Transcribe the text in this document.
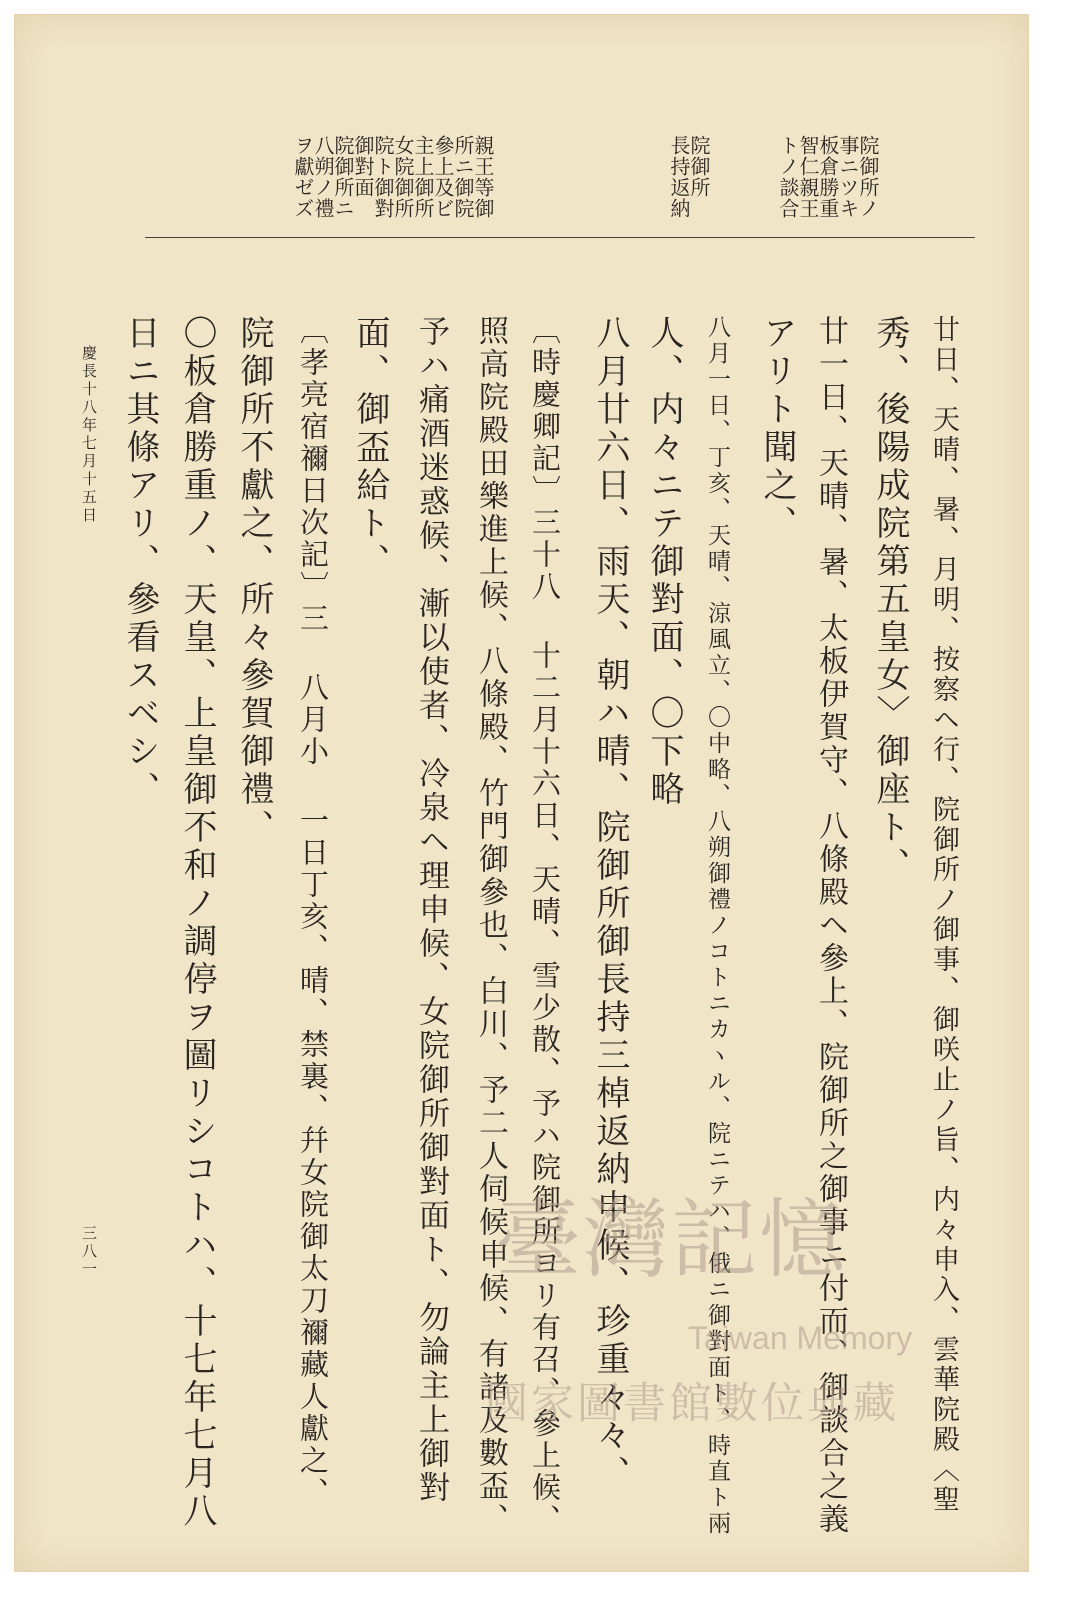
院御所ノ
事ニツキ
板倉勝重
智仁親王
トノ談合
院御所
長持返納
親王等御
所ニ御院
參上及ビ
主上御所
女院御所
院ト御對
御對面
院御所ニ
八朔ノ禮
ヲ獻ゼズ
廿日、天晴、暑、月明、按察ヘ行、院御所ノ御事、御咲止ノ旨、内々申入、雲華院殿〈聖
秀、後陽成院第五皇女〉御座ト、
廿一日、天晴、暑、太板伊賀守、八條殿ヘ參上、院御所之御事ニ付而、御談合之義
アリト聞之、
八月一日、丁亥、天晴、涼風立、〇中略、八朔御禮ノコトニカヽル、院ニテハ、俄ニ御對面ト、時直ト兩
人、内々ニテ御對面、〇下略
八月廿六日、雨天、朝ハ晴、院御所御長持三棹返納申候、珍重々々、
〔時慶卿記〕三十八 十二月十六日、天晴、雪少散、予ハ院御所ヨリ有召、參上候、
照高院殿田樂進上候、八條殿、竹門御參也、白川、予二人伺候申候、有諸及數盃、
予ハ痛酒迷惑候、漸以使者、冷泉ヘ理申候、女院御所御對面ト、勿論主上御對
面、御盃給ト、
〔孝亮宿禰日次記〕三 八月小 一日丁亥、晴、禁裏、幷女院御太刀禰藏人獻之、
院御所不獻之、所々參賀御禮、
〇板倉勝重ノ、天皇、上皇御不和ノ調停ヲ圖リシコトハ、十七年七月八
日ニ其條アリ、參看スベシ、
慶長十八年七月十五日
三八一	臺灣記憶
Taiwan Memory
國家圖書館數位典藏
